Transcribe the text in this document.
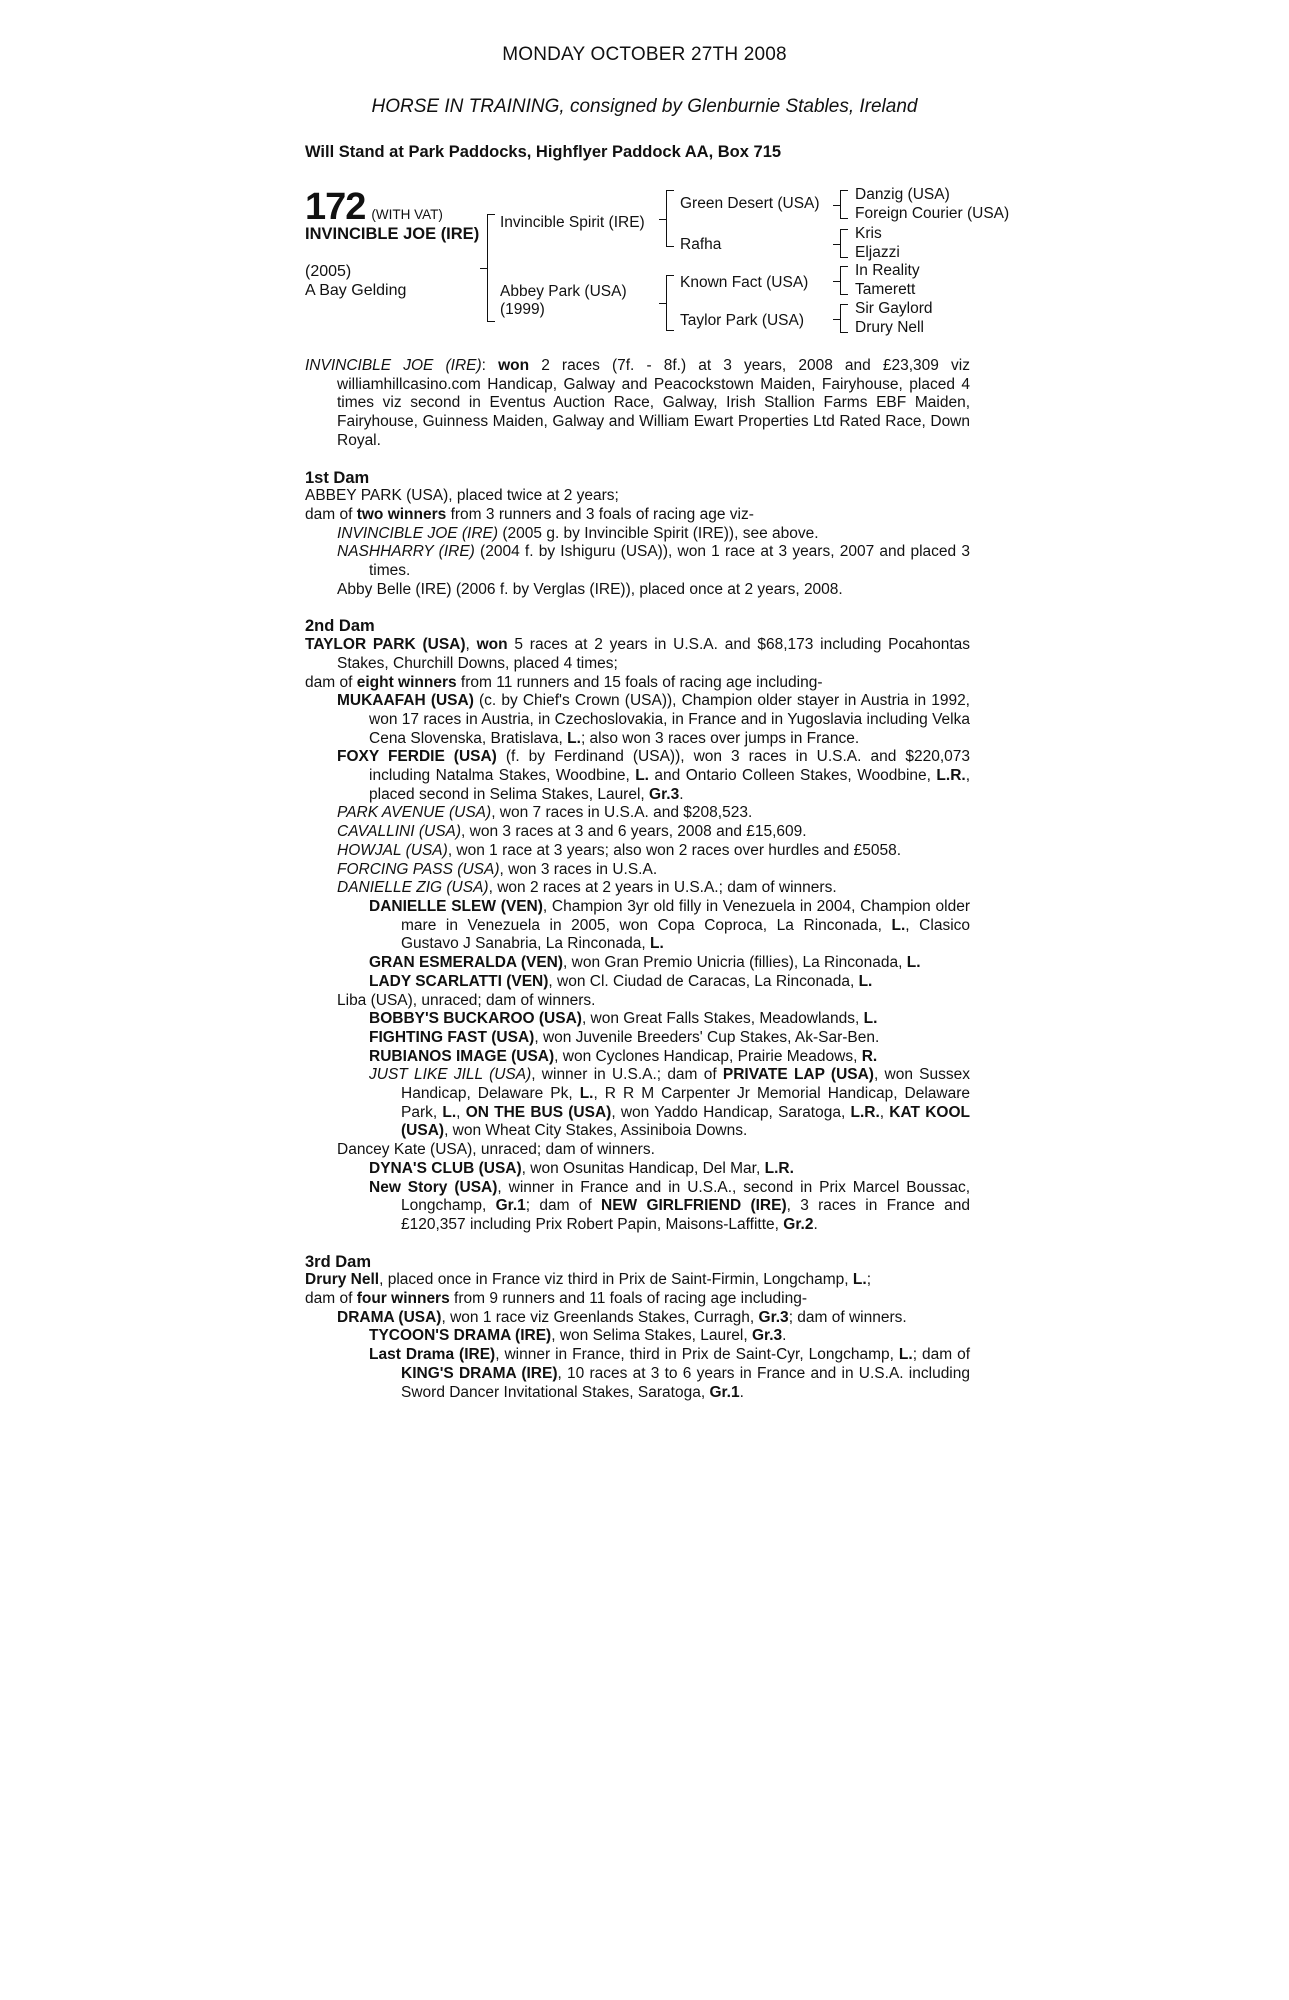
MONDAY OCTOBER 27TH 2008
HORSE IN TRAINING, consigned by Glenburnie Stables, Ireland
Will Stand at Park Paddocks, Highflyer Paddock AA, Box 715
172 (WITH VAT)
INVINCIBLE JOE (IRE)
(2005)
A Bay Gelding
Invincible Spirit (IRE)
Abbey Park (USA)
(1999)
Green Desert (USA)
Rafha
Known Fact (USA)
Taylor Park (USA)
Danzig (USA)
Foreign Courier (USA)
Kris
Eljazzi
In Reality
Tamerett
Sir Gaylord
Drury Nell
INVINCIBLE JOE (IRE): won 2 races (7f. - 8f.) at 3 years, 2008 and £23,309 viz williamhillcasino.com Handicap, Galway and Peacockstown Maiden, Fairyhouse, placed 4 times viz second in Eventus Auction Race, Galway, Irish Stallion Farms EBF Maiden, Fairyhouse, Guinness Maiden, Galway and William Ewart Properties Ltd Rated Race, Down Royal.
1st Dam
ABBEY PARK (USA), placed twice at 2 years;
dam of two winners from 3 runners and 3 foals of racing age viz-
INVINCIBLE JOE (IRE) (2005 g. by Invincible Spirit (IRE)), see above.
NASHHARRY (IRE) (2004 f. by Ishiguru (USA)), won 1 race at 3 years, 2007 and placed 3 times.
Abby Belle (IRE) (2006 f. by Verglas (IRE)), placed once at 2 years, 2008.
2nd Dam
TAYLOR PARK (USA), won 5 races at 2 years in U.S.A. and $68,173 including Pocahontas Stakes, Churchill Downs, placed 4 times;
dam of eight winners from 11 runners and 15 foals of racing age including-
MUKAAFAH (USA) (c. by Chief's Crown (USA)), Champion older stayer in Austria in 1992, won 17 races in Austria, in Czechoslovakia, in France and in Yugoslavia including Velka Cena Slovenska, Bratislava, L.; also won 3 races over jumps in France.
FOXY FERDIE (USA) (f. by Ferdinand (USA)), won 3 races in U.S.A. and $220,073 including Natalma Stakes, Woodbine, L. and Ontario Colleen Stakes, Woodbine, L.R., placed second in Selima Stakes, Laurel, Gr.3.
PARK AVENUE (USA), won 7 races in U.S.A. and $208,523.
CAVALLINI (USA), won 3 races at 3 and 6 years, 2008 and £15,609.
HOWJAL (USA), won 1 race at 3 years; also won 2 races over hurdles and £5058.
FORCING PASS (USA), won 3 races in U.S.A.
DANIELLE ZIG (USA), won 2 races at 2 years in U.S.A.; dam of winners.
DANIELLE SLEW (VEN), Champion 3yr old filly in Venezuela in 2004, Champion older mare in Venezuela in 2005, won Copa Coproca, La Rinconada, L., Clasico Gustavo J Sanabria, La Rinconada, L.
GRAN ESMERALDA (VEN), won Gran Premio Unicria (fillies), La Rinconada, L.
LADY SCARLATTI (VEN), won Cl. Ciudad de Caracas, La Rinconada, L.
Liba (USA), unraced; dam of winners.
BOBBY'S BUCKAROO (USA), won Great Falls Stakes, Meadowlands, L.
FIGHTING FAST (USA), won Juvenile Breeders' Cup Stakes, Ak-Sar-Ben.
RUBIANOS IMAGE (USA), won Cyclones Handicap, Prairie Meadows, R.
JUST LIKE JILL (USA), winner in U.S.A.; dam of PRIVATE LAP (USA), won Sussex Handicap, Delaware Pk, L., R R M Carpenter Jr Memorial Handicap, Delaware Park, L., ON THE BUS (USA), won Yaddo Handicap, Saratoga, L.R., KAT KOOL (USA), won Wheat City Stakes, Assiniboia Downs.
Dancey Kate (USA), unraced; dam of winners.
DYNA'S CLUB (USA), won Osunitas Handicap, Del Mar, L.R.
New Story (USA), winner in France and in U.S.A., second in Prix Marcel Boussac, Longchamp, Gr.1; dam of NEW GIRLFRIEND (IRE), 3 races in France and £120,357 including Prix Robert Papin, Maisons-Laffitte, Gr.2.
3rd Dam
Drury Nell, placed once in France viz third in Prix de Saint-Firmin, Longchamp, L.;
dam of four winners from 9 runners and 11 foals of racing age including-
DRAMA (USA), won 1 race viz Greenlands Stakes, Curragh, Gr.3; dam of winners.
TYCOON'S DRAMA (IRE), won Selima Stakes, Laurel, Gr.3.
Last Drama (IRE), winner in France, third in Prix de Saint-Cyr, Longchamp, L.; dam of KING'S DRAMA (IRE), 10 races at 3 to 6 years in France and in U.S.A. including Sword Dancer Invitational Stakes, Saratoga, Gr.1.
